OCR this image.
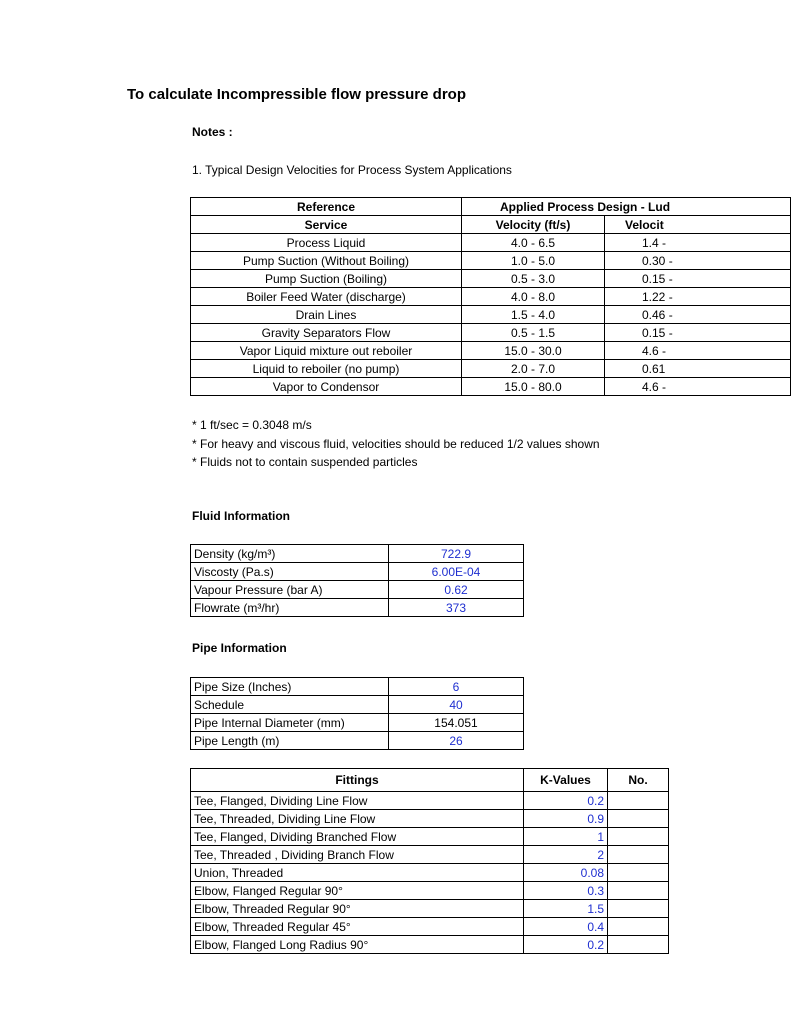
To calculate Incompressible flow pressure drop
Notes :
1. Typical Design Velocities for Process System Applications
Reference	Applied Process Design - Lud	
Service	Velocity (ft/s)	Velocit
Process Liquid	4.0 - 6.5	1.4 -
Pump Suction (Without Boiling)	1.0 - 5.0	0.30 -
Pump Suction (Boiling)	0.5 - 3.0	0.15 -
Boiler Feed Water (discharge)	4.0 - 8.0	1.22 -
Drain Lines	1.5 - 4.0	0.46 -
Gravity Separators Flow	0.5 - 1.5	0.15 -
Vapor Liquid mixture out reboiler	15.0 - 30.0	4.6 -
Liquid to reboiler (no pump)	2.0 - 7.0	0.61
Vapor to Condensor	15.0 - 80.0	4.6 -
* 1 ft/sec = 0.3048 m/s
* For heavy and viscous fluid, velocities should be reduced 1/2 values shown
* Fluids not to contain suspended particles
Fluid Information
Density (kg/m³)	722.9
Viscosty (Pa.s)	6.00E-04
Vapour Pressure (bar A)	0.62
Flowrate (m³/hr)	373
Pipe Information
Pipe Size (Inches)	6
Schedule	40
Pipe Internal Diameter (mm)	154.051
Pipe Length (m)	26
Fittings	K-Values	No.
Tee, Flanged, Dividing Line Flow	0.2	
Tee, Threaded, Dividing Line Flow	0.9	
Tee, Flanged, Dividing Branched Flow	1	
Tee, Threaded , Dividing Branch Flow	2	
Union, Threaded	0.08	
Elbow, Flanged Regular 90°	0.3	
Elbow, Threaded Regular 90°	1.5	
Elbow, Threaded Regular 45°	0.4	
Elbow, Flanged Long Radius 90°	0.2	
